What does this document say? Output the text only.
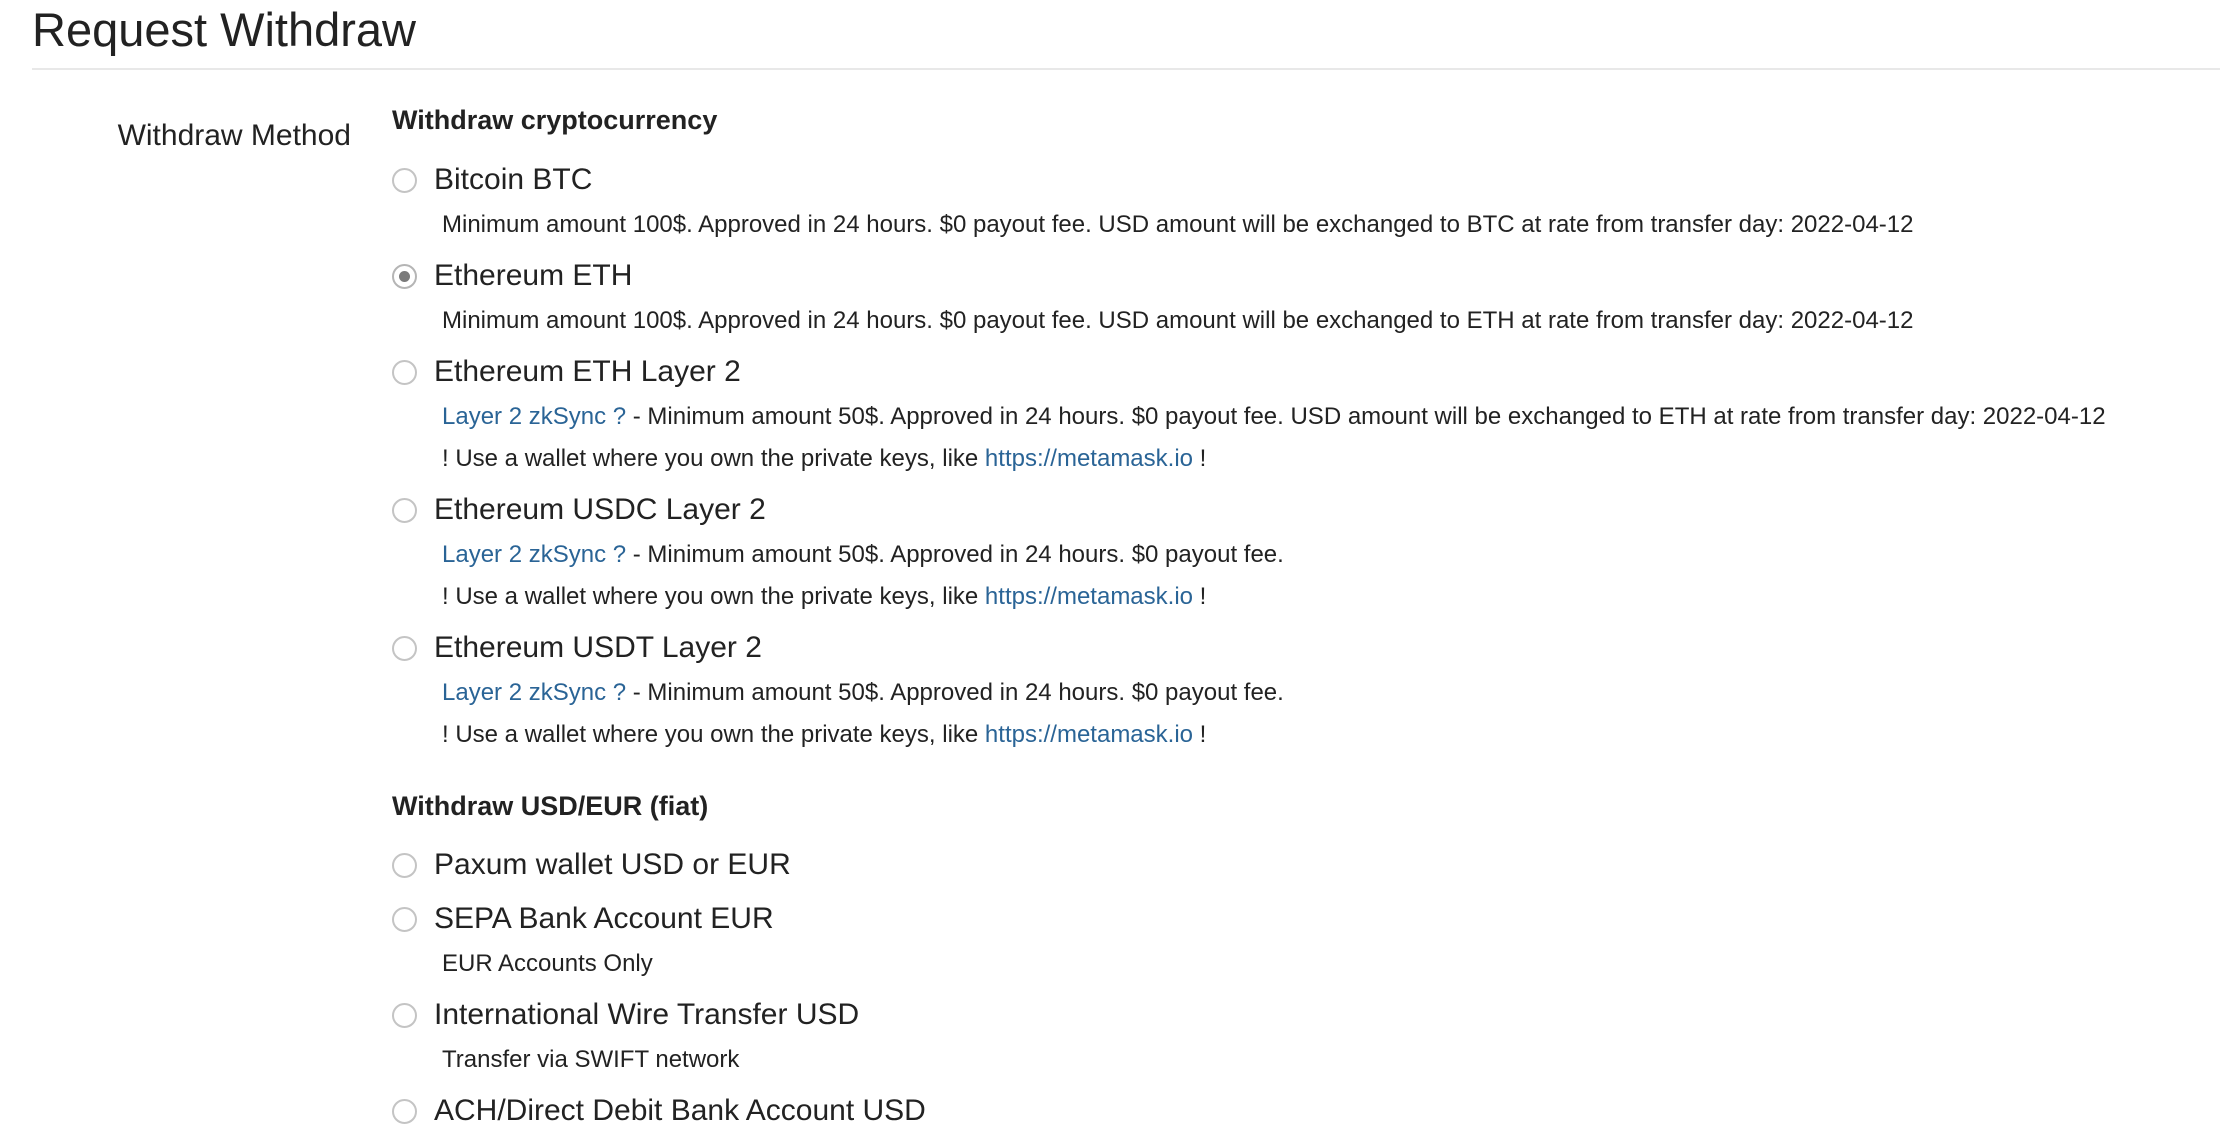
Request Withdraw
Withdraw Method Withdraw cryptocurrency
Bitcoin BTC
Minimum amount 100$. Approved in 24 hours. $0 payout fee. USD amount will be exchanged to BTC at rate from transfer day: 2022-04-12
Ethereum ETH
Minimum amount 100$. Approved in 24 hours. $0 payout fee. USD amount will be exchanged to ETH at rate from transfer day: 2022-04-12
Ethereum ETH Layer 2
Layer 2 zkSync ? - Minimum amount 50$. Approved in 24 hours. $0 payout fee. USD amount will be exchanged to ETH at rate from transfer day: 2022-04-12
! Use a wallet where you own the private keys, like https://metamask.io !
Ethereum USDC Layer 2
Layer 2 zkSync ? - Minimum amount 50$. Approved in 24 hours. $0 payout fee.
! Use a wallet where you own the private keys, like https://metamask.io !
Ethereum USDT Layer 2
Layer 2 zkSync ? - Minimum amount 50$. Approved in 24 hours. $0 payout fee.
! Use a wallet where you own the private keys, like https://metamask.io !
Withdraw USD/EUR (fiat)
Paxum wallet USD or EUR
SEPA Bank Account EUR
EUR Accounts Only
International Wire Transfer USD
Transfer via SWIFT network
ACH/Direct Debit Bank Account USD
